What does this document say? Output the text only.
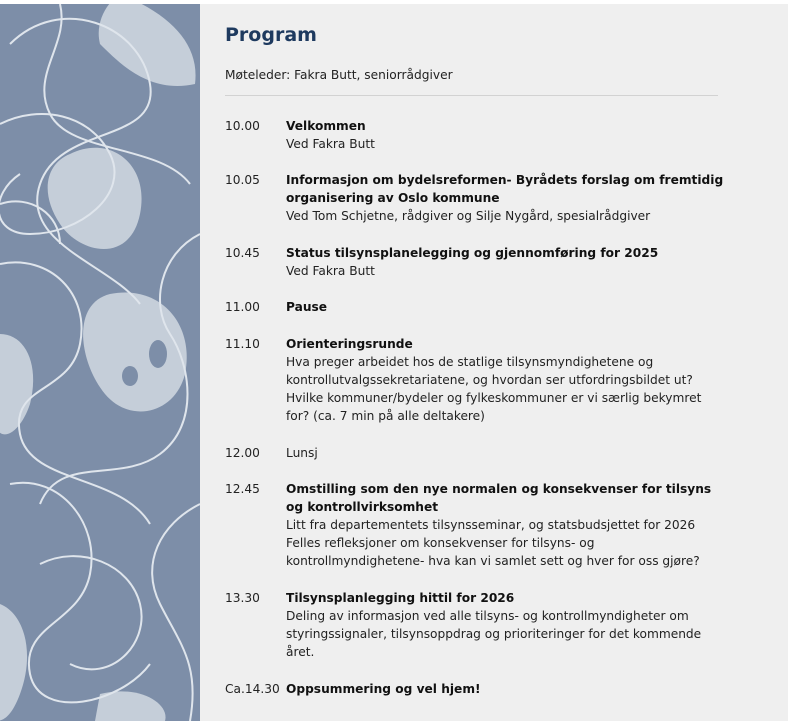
Program
Møteleder: Fakra Butt, seniorrådgiver
10.00 Velkommen
Ved Fakra Butt
10.05 Informasjon om bydelsreformen- Byrådets forslag om fremtidig organisering av Oslo kommune
Ved Tom Schjetne, rådgiver og Silje Nygård, spesialrådgiver
10.45 Status tilsynsplanelegging og gjennomføring for 2025
Ved Fakra Butt
11.00 Pause
11.10 Orienteringsrunde
Hva preger arbeidet hos de statlige tilsynsmyndighetene og kontrollutvalgssekretariatene, og hvordan ser utfordringsbildet ut?
Hvilke kommuner/bydeler og fylkeskommuner er vi særlig bekymret for? (ca. 7 min på alle deltakere)
12.00 Lunsj
12.45 Omstilling som den nye normalen og konsekvenser for tilsyns og kontrollvirksomhet
Litt fra departementets tilsynsseminar, og statsbudsjettet for 2026
Felles refleksjoner om konsekvenser for tilsyns- og kontrollmyndighetene- hva kan vi samlet sett og hver for oss gjøre?
13.30 Tilsynsplanlegging hittil for 2026
Deling av informasjon ved alle tilsyns- og kontrollmyndigheter om styringssignaler, tilsynsoppdrag og prioriteringer for det kommende året.
Ca.14.30 Oppsummering og vel hjem!
